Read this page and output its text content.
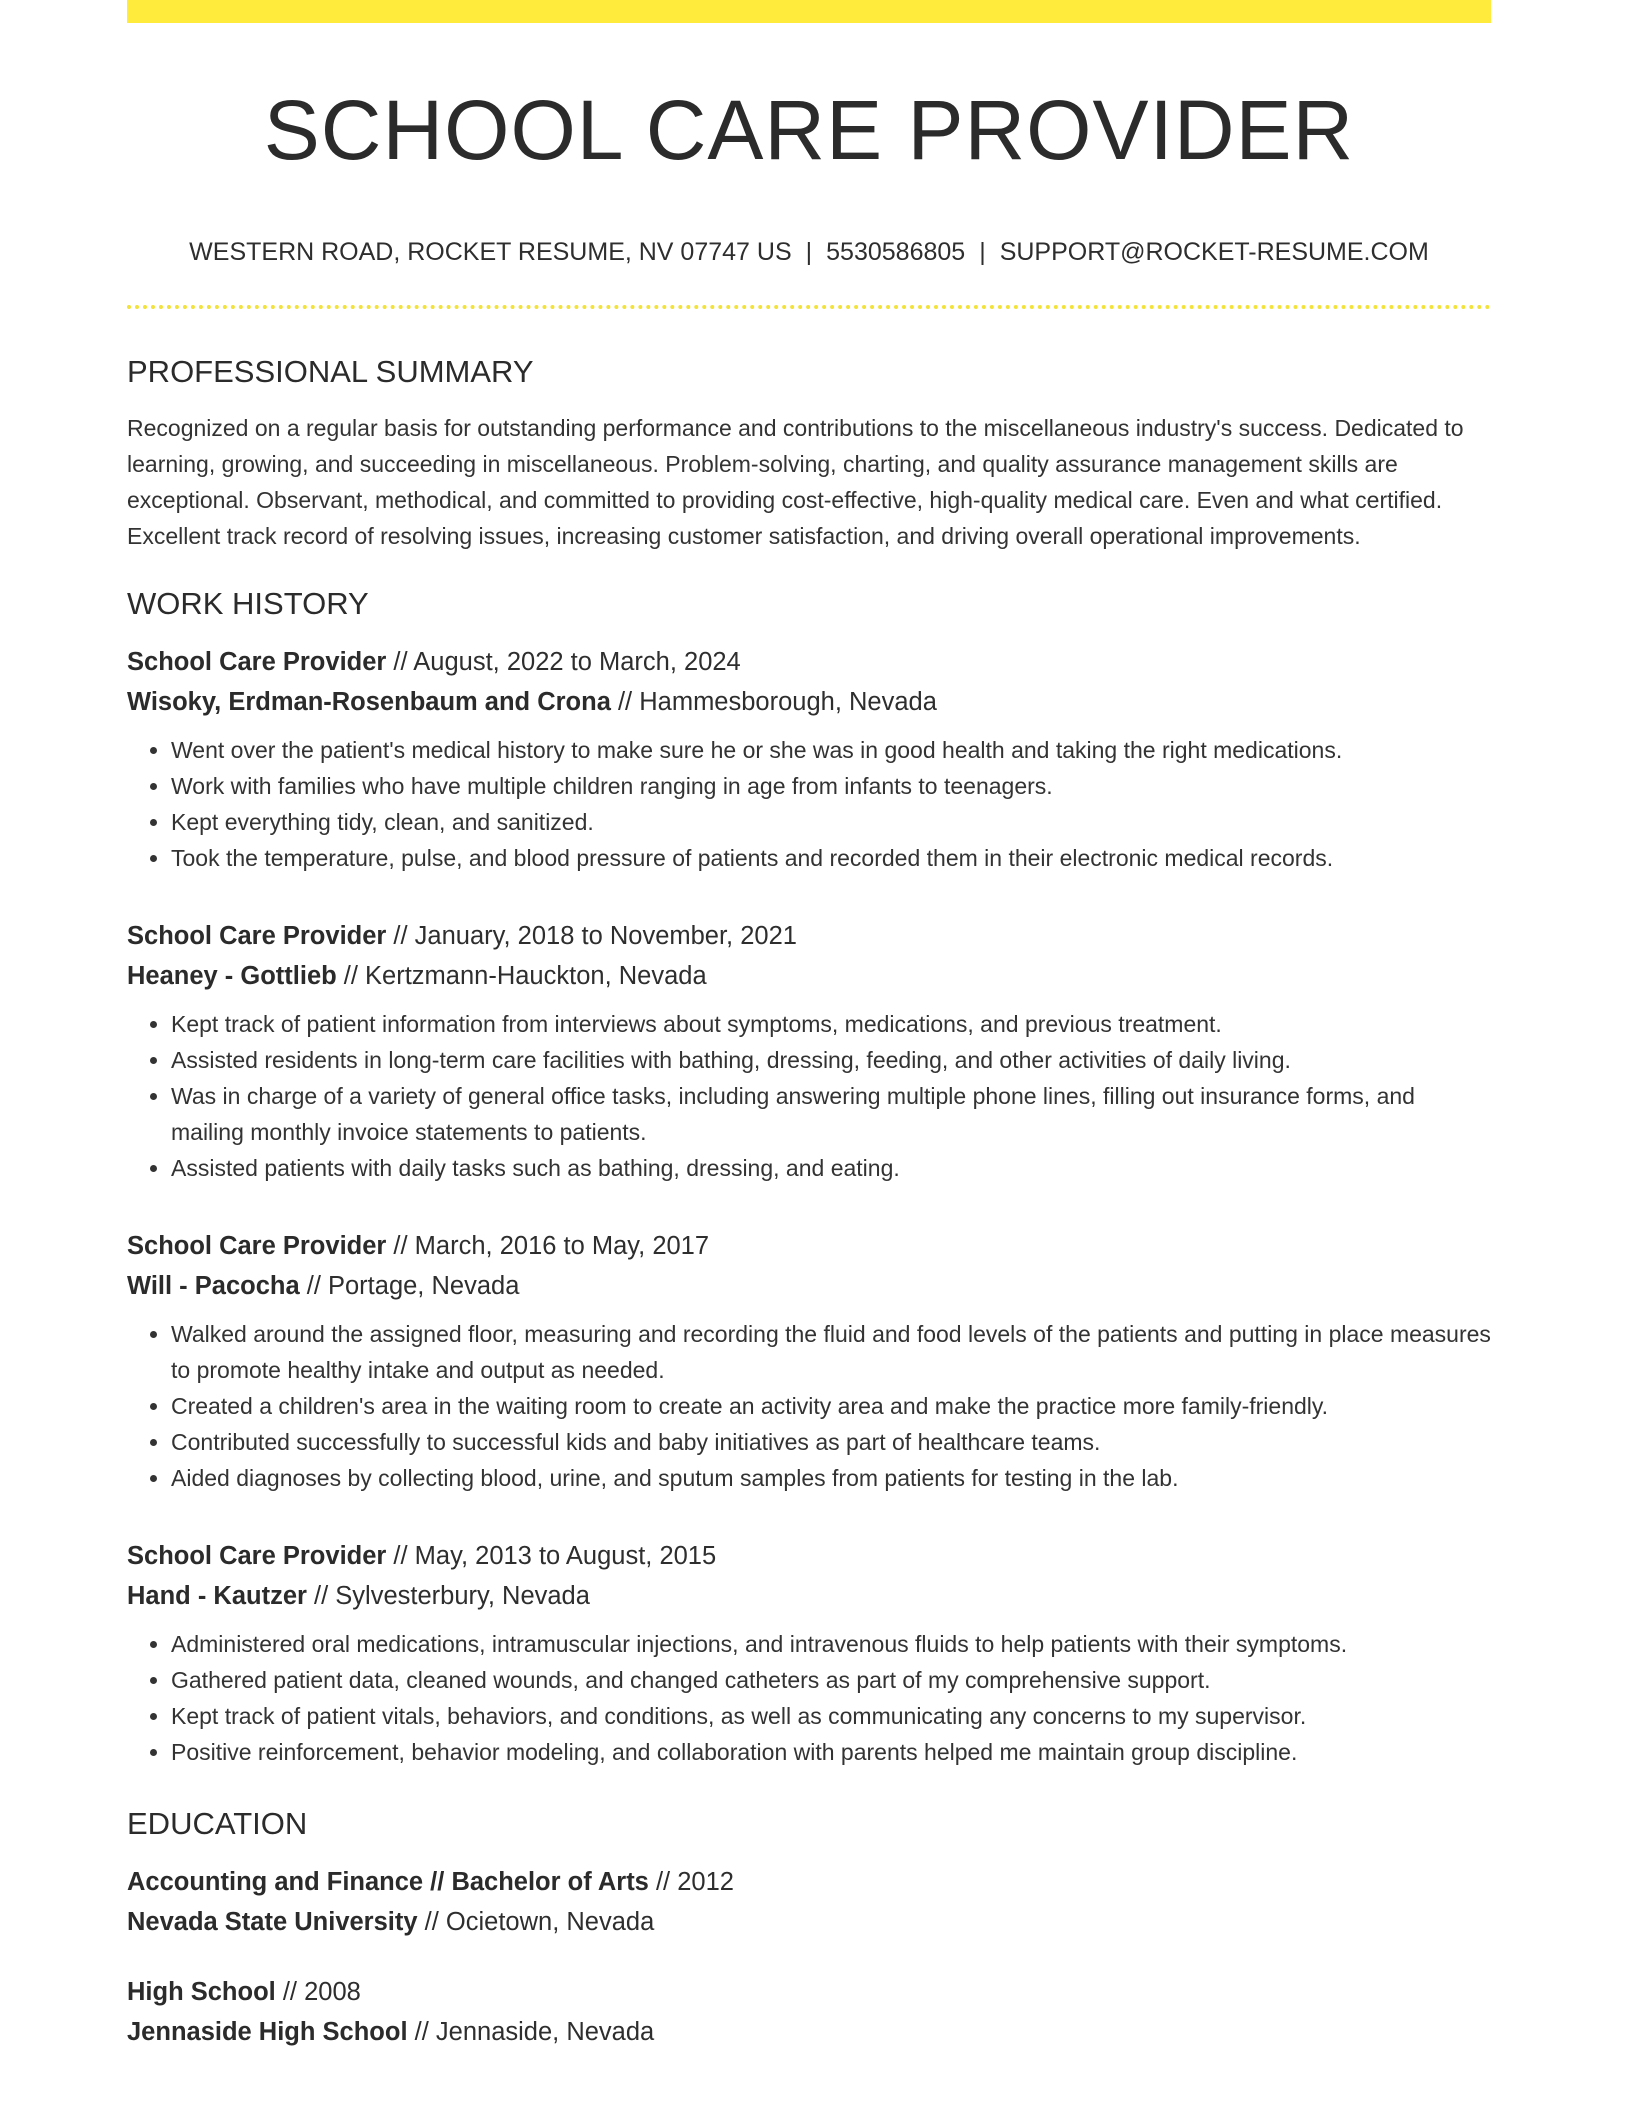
SCHOOL CARE PROVIDER
WESTERN ROAD, ROCKET RESUME, NV 07747 US | 5530586805 | SUPPORT@ROCKET-RESUME.COM
PROFESSIONAL SUMMARY

Recognized on a regular basis for outstanding performance and contributions to the miscellaneous industry's success. Dedicated to learning, growing, and succeeding in miscellaneous. Problem-solving, charting, and quality assurance management skills are exceptional. Observant, methodical, and committed to providing cost-effective, high-quality medical care. Even and what certified. Excellent track record of resolving issues, increasing customer satisfaction, and driving overall operational improvements.

WORK HISTORY
School Care Provider // August, 2022 to March, 2024
Wisoky, Erdman-Rosenbaum and Crona // Hammesborough, Nevada
• Went over the patient's medical history to make sure he or she was in good health and taking the right medications.
• Work with families who have multiple children ranging in age from infants to teenagers.
• Kept everything tidy, clean, and sanitized.
• Took the temperature, pulse, and blood pressure of patients and recorded them in their electronic medical records.
School Care Provider // January, 2018 to November, 2021
Heaney - Gottlieb // Kertzmann-Hauckton, Nevada
• Kept track of patient information from interviews about symptoms, medications, and previous treatment.
• Assisted residents in long-term care facilities with bathing, dressing, feeding, and other activities of daily living.
• Was in charge of a variety of general office tasks, including answering multiple phone lines, filling out insurance forms, and mailing monthly invoice statements to patients.
• Assisted patients with daily tasks such as bathing, dressing, and eating.
School Care Provider // March, 2016 to May, 2017
Will - Pacocha // Portage, Nevada
• Walked around the assigned floor, measuring and recording the fluid and food levels of the patients and putting in place measures to promote healthy intake and output as needed.
• Created a children's area in the waiting room to create an activity area and make the practice more family-friendly.
• Contributed successfully to successful kids and baby initiatives as part of healthcare teams.
• Aided diagnoses by collecting blood, urine, and sputum samples from patients for testing in the lab.
School Care Provider // May, 2013 to August, 2015
Hand - Kautzer // Sylvesterbury, Nevada
• Administered oral medications, intramuscular injections, and intravenous fluids to help patients with their symptoms.
• Gathered patient data, cleaned wounds, and changed catheters as part of my comprehensive support.
• Kept track of patient vitals, behaviors, and conditions, as well as communicating any concerns to my supervisor.
• Positive reinforcement, behavior modeling, and collaboration with parents helped me maintain group discipline.
EDUCATION
Accounting and Finance // Bachelor of Arts // 2012
Nevada State University // Ocietown, Nevada
High School // 2008
Jennaside High School // Jennaside, Nevada
